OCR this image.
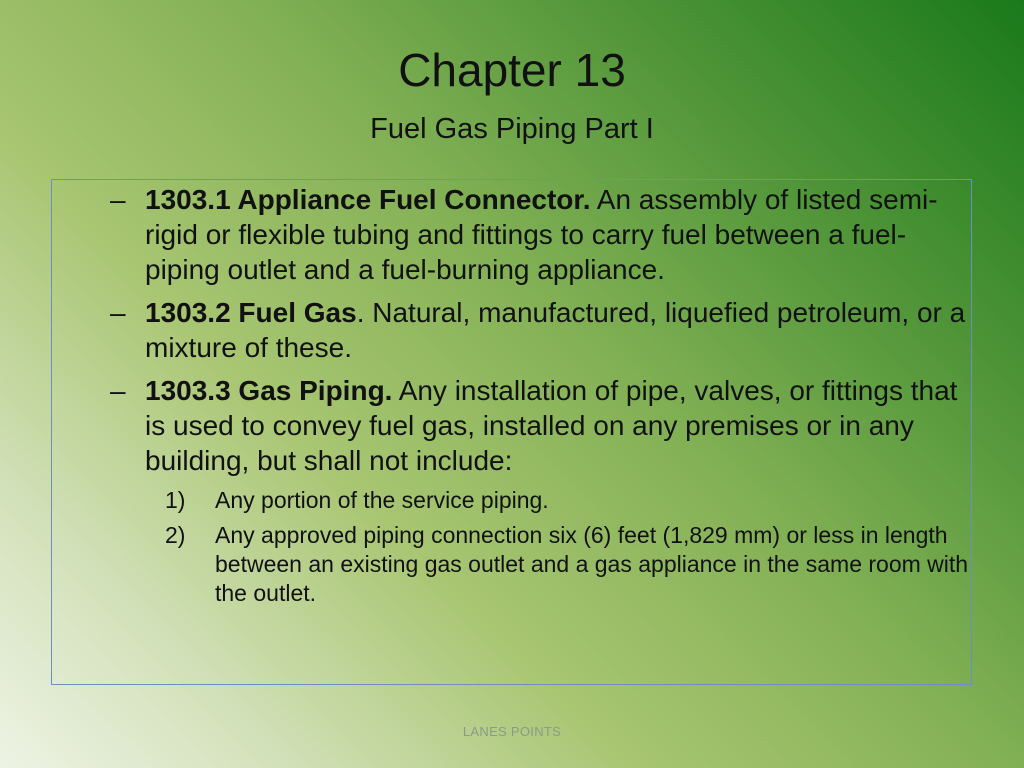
Chapter 13
Fuel Gas Piping Part I
– 1303.1 Appliance Fuel Connector. An assembly of listed semi-rigid or flexible tubing and fittings to carry fuel between a fuel-piping outlet and a fuel-burning appliance.
– 1303.2 Fuel Gas. Natural, manufactured, liquefied petroleum, or a mixture of these.
– 1303.3 Gas Piping. Any installation of pipe, valves, or fittings that is used to convey fuel gas, installed on any premises or in any building, but shall not include:
1) Any portion of the service piping.
2) Any approved piping connection six (6) feet (1,829 mm) or less in length between an existing gas outlet and a gas appliance in the same room with the outlet.
LANES POINTS
